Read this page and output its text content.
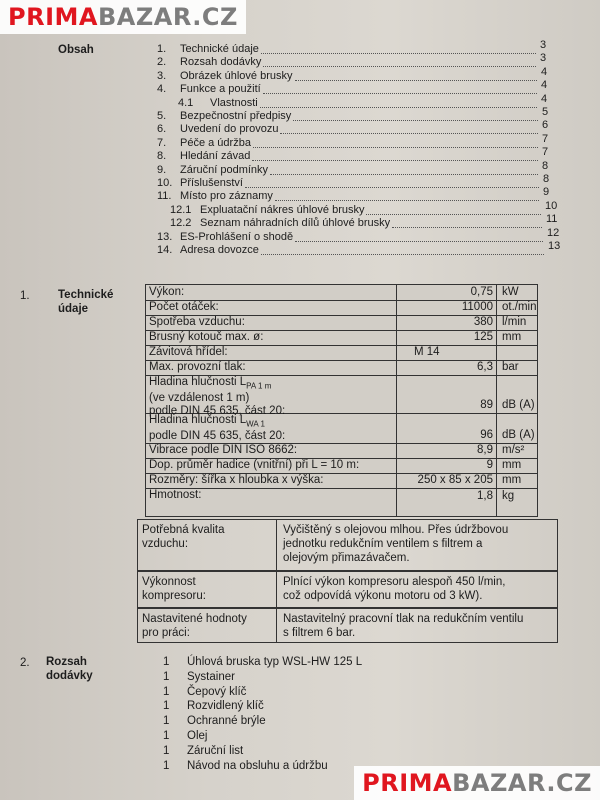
PRIMABAZAR.CZ
Obsah	1. Technické údaje	3
2. Rozsah dodávky	3
3. Obrázek úhlové brusky	4
4. Funkce a použití	4
4.1 Vlastnosti	4
5. Bezpečnostní předpisy	5
6. Uvedení do provozu	6
7. Péče a údržba	7
8. Hledání závad	7
9. Záruční podmínky	8
10. Příslušenství	8
11. Místo pro záznamy	9
12.1 Expluatační nákres úhlové brusky	10
12.2 Seznam náhradních dílů úhlové brusky	11
13. ES-Prohlášení o shodě	12
14. Adresa dovozce	13
1. Technické
údaje
Výkon:	0,75 kW
Počet otáček:	11000 ot./min
Spotřeba vzduchu:	380 l/min
Brusný kotouč max. ø:	125 mm
Závitová hřídel:	M 14
Max. provozní tlak:	6,3 bar
Hladina hlučnosti $L_{PA 1 m}$
(ve vzdálenost 1 m)
podle DIN 45 635, část 20:
89 dB (A)
Hladina hlučnosti $L_{WA 1}$
podle DIN 45 635, část 20:	96 dB (A)
Vibrace podle DIN ISO 8662:	8,9 m/s²
Dop. průměr hadice (vnitřní) při L = 10 m:	9 mm
Rozměry: šířka x hloubka x výška:	250 x 85 x 205 mm
Hmotnost:	1,8 kg
Potřebná kvalita
vzduchu:
Vyčištěný s olejovou mlhou. Přes údržbovou
jednotku redukčním ventilem s filtrem a
olejovým přimazávačem.
Výkonnost
kompresoru:
Plnící výkon kompresoru alespoň 450 l/min,
což odpovídá výkonu motoru od 3 kW).
Nastavitené hodnoty
pro práci:
Nastavitelný pracovní tlak na redukčním ventilu
s filtrem 6 bar.
2. Rozsah
dodávky
1 Úhlová bruska typ WSL-HW 125 L
1 Systainer
1 Čepový klíč
1 Rozvidlený klíč
1 Ochranné brýle
1 Olej
1 Záruční list
1 Návod na obsluhu a údržbu
PRIMABAZAR.CZ
